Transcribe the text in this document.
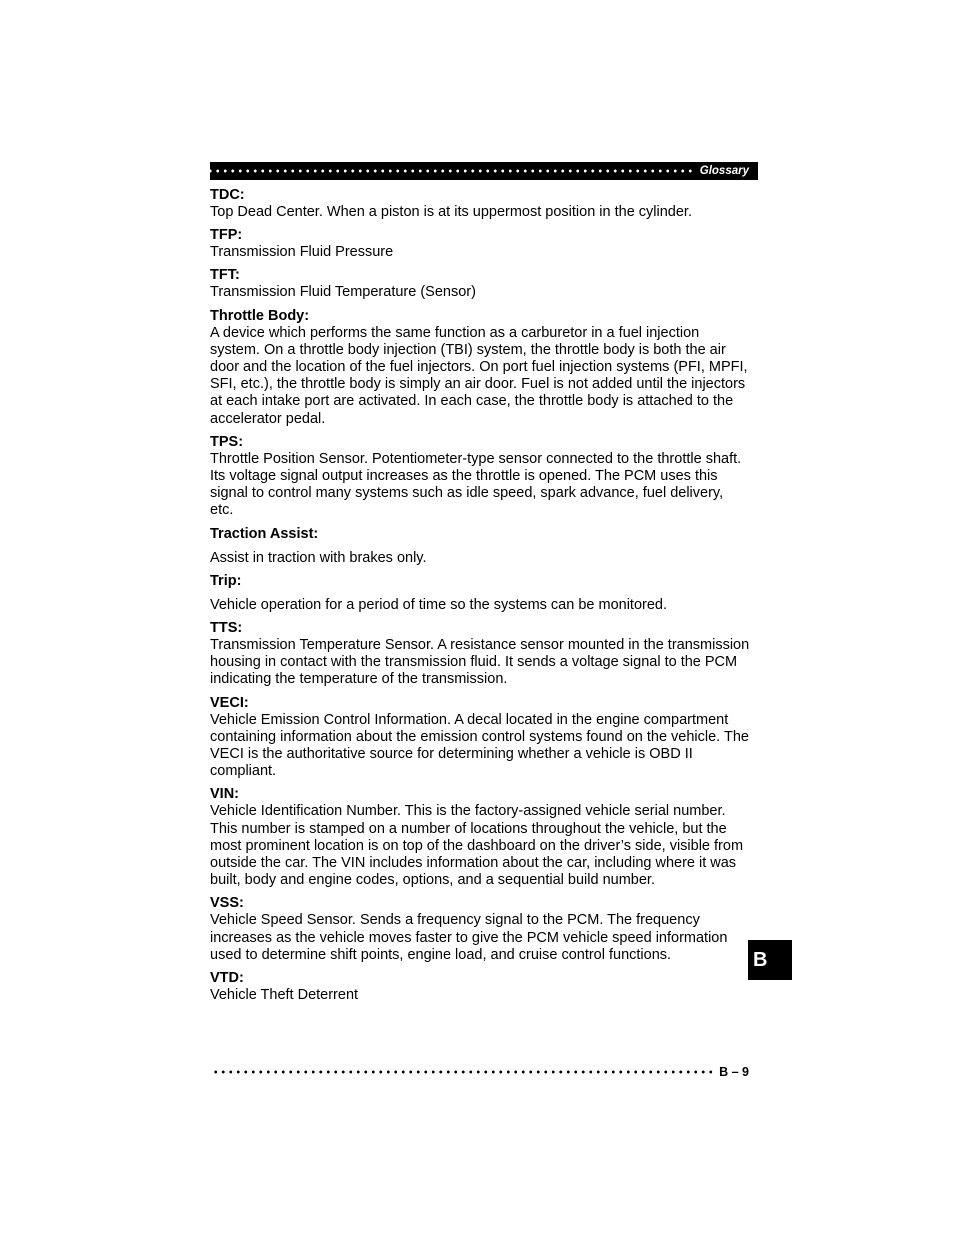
Glossary
TDC:
Top Dead Center. When a piston is at its uppermost position in the cylinder.
TFP:
Transmission Fluid Pressure
TFT:
Transmission Fluid Temperature (Sensor)
Throttle Body:
A device which performs the same function as a carburetor in a fuel injection system. On a throttle body injection (TBI) system, the throttle body is both the air door and the location of the fuel injectors. On port fuel injection systems (PFI, MPFI, SFI, etc.), the throttle body is simply an air door. Fuel is not added until the injectors at each intake port are activated. In each case, the throttle body is attached to the accelerator pedal.
TPS:
Throttle Position Sensor. Potentiometer-type sensor connected to the throttle shaft. Its voltage signal output increases as the throttle is opened. The PCM uses this signal to control many systems such as idle speed, spark advance, fuel delivery, etc.
Traction Assist:
Assist in traction with brakes only.
Trip:
Vehicle operation for a period of time so the systems can be monitored.
TTS:
Transmission Temperature Sensor. A resistance sensor mounted in the transmission housing in contact with the transmission fluid. It sends a voltage signal to the PCM indicating the temperature of the transmission.
VECI:
Vehicle Emission Control Information. A decal located in the engine compartment containing information about the emission control systems found on the vehicle. The VECI is the authoritative source for determining whether a vehicle is OBD II compliant.
VIN:
Vehicle Identification Number. This is the factory-assigned vehicle serial number. This number is stamped on a number of locations throughout the vehicle, but the most prominent location is on top of the dashboard on the driver’s side, visible from outside the car. The VIN includes information about the car, including where it was built, body and engine codes, options, and a sequential build number.
VSS:
Vehicle Speed Sensor. Sends a frequency signal to the PCM. The frequency increases as the vehicle moves faster to give the PCM vehicle speed information used to determine shift points, engine load, and cruise control functions.
VTD:
Vehicle Theft Deterrent
B
B – 9
